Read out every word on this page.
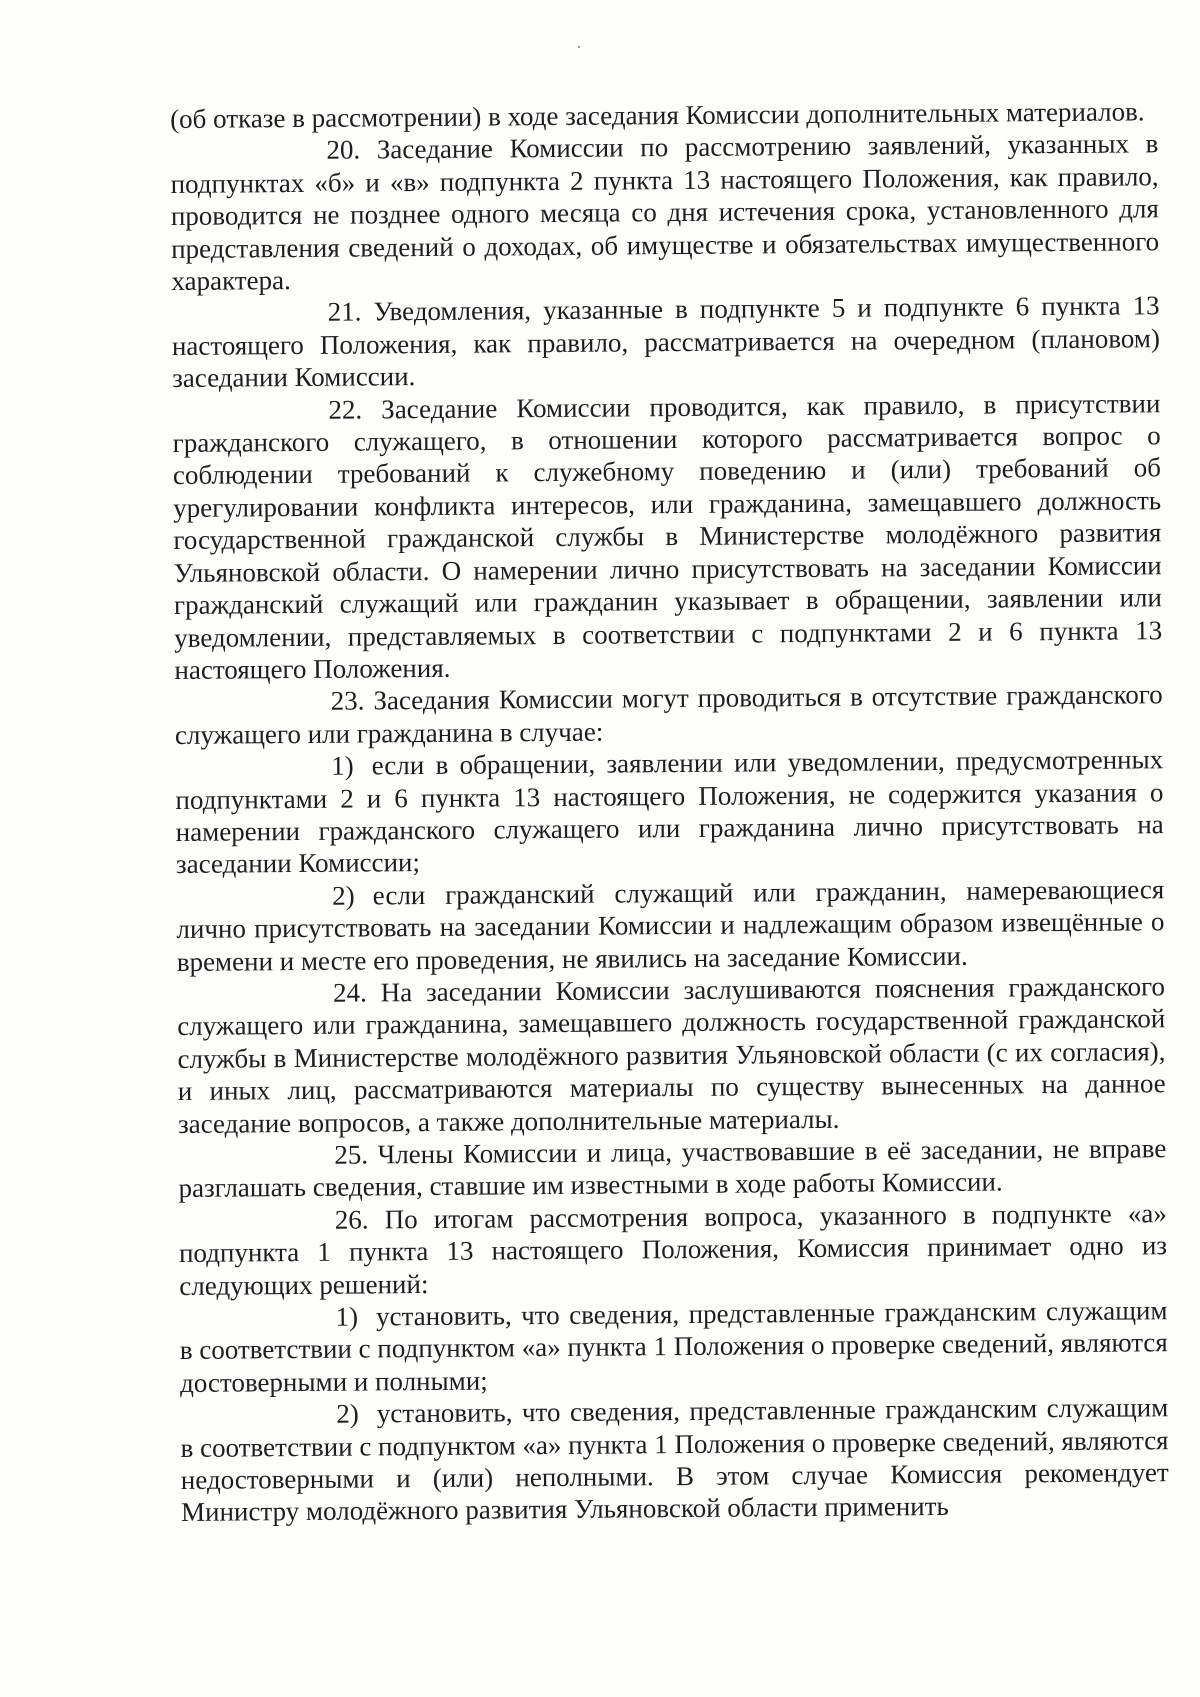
(об отказе в рассмотрении) в ходе заседания Комиссии дополнительных материалов.

20. Заседание Комиссии по рассмотрению заявлений, указанных в подпунктах «б» и «в» подпункта 2 пункта 13 настоящего Положения, как правило, проводится не позднее одного месяца со дня истечения срока, установленного для представления сведений о доходах, об имуществе и обязательствах имущественного характера.

21. Уведомления, указанные в подпункте 5 и подпункте 6 пункта 13 настоящего Положения, как правило, рассматривается на очередном (плановом) заседании Комиссии.

22. Заседание Комиссии проводится, как правило, в присутствии гражданского служащего, в отношении которого рассматривается вопрос о соблюдении требований к служебному поведению и (или) требований об урегулировании конфликта интересов, или гражданина, замещавшего должность государственной гражданской службы в Министерстве молодёжного развития Ульяновской области. О намерении лично присутствовать на заседании Комиссии гражданский служащий или гражданин указывает в обращении, заявлении или уведомлении, представляемых в соответствии с подпунктами 2 и 6 пункта 13 настоящего Положения.

23. Заседания Комиссии могут проводиться в отсутствие гражданского служащего или гражданина в случае:

1) если в обращении, заявлении или уведомлении, предусмотренных подпунктами 2 и 6 пункта 13 настоящего Положения, не содержится указания о намерении гражданского служащего или гражданина лично присутствовать на заседании Комиссии;

2) если гражданский служащий или гражданин, намеревающиеся лично присутствовать на заседании Комиссии и надлежащим образом извещённые о времени и месте его проведения, не явились на заседание Комиссии.

24. На заседании Комиссии заслушиваются пояснения гражданского служащего или гражданина, замещавшего должность государственной гражданской службы в Министерстве молодёжного развития Ульяновской области (с их согласия), и иных лиц, рассматриваются материалы по существу вынесенных на данное заседание вопросов, а также дополнительные материалы.

25. Члены Комиссии и лица, участвовавшие в её заседании, не вправе разглашать сведения, ставшие им известными в ходе работы Комиссии.

26. По итогам рассмотрения вопроса, указанного в подпункте «а» подпункта 1 пункта 13 настоящего Положения, Комиссия принимает одно из следующих решений:

1) установить, что сведения, представленные гражданским служащим в соответствии с подпунктом «а» пункта 1 Положения о проверке сведений, являются достоверными и полными;

2) установить, что сведения, представленные гражданским служащим в соответствии с подпунктом «а» пункта 1 Положения о проверке сведений, являются недостоверными и (или) неполными. В этом случае Комиссия рекомендует Министру молодёжного развития Ульяновской области применить
